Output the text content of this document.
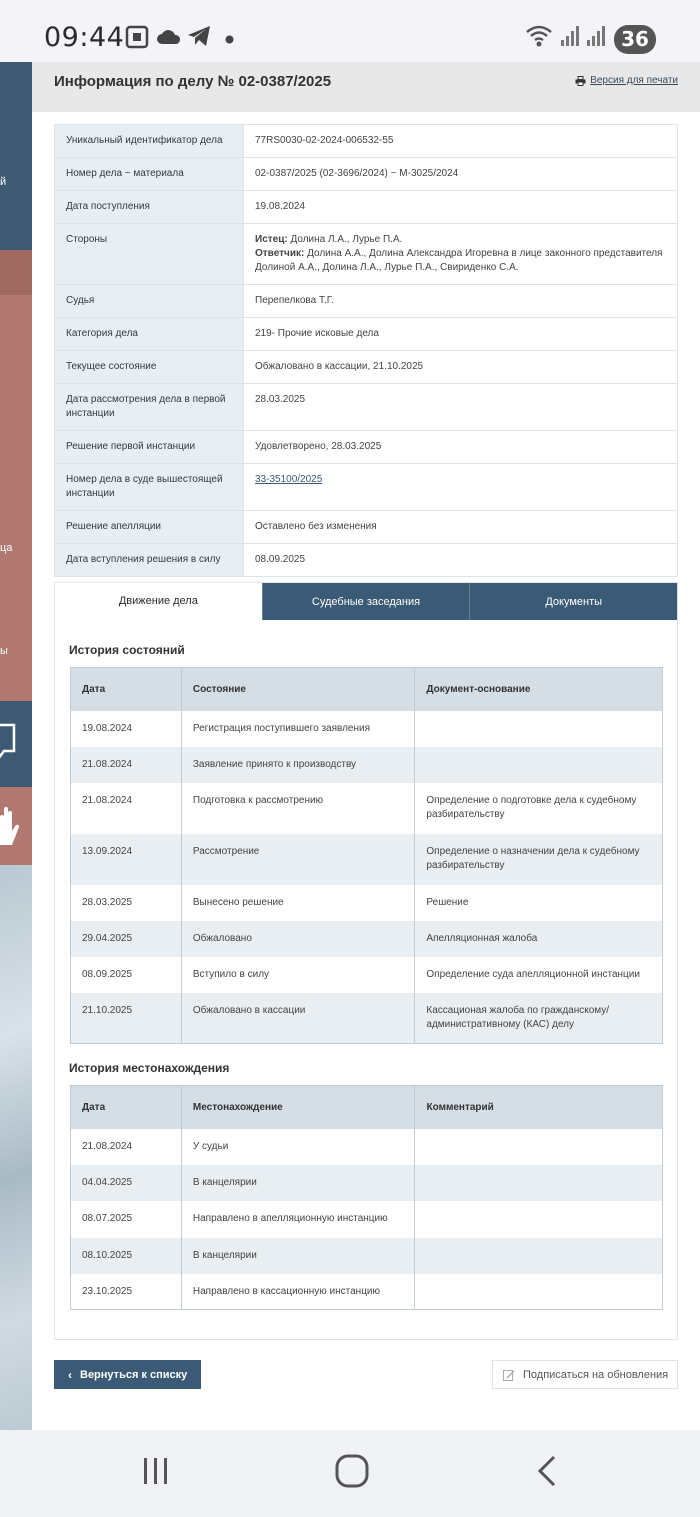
09:44	36
й
ца
ы
Информация по делу № 02-0387/2025	Версия для печати
Уникальный идентификатор дела	77RS0030-02-2024-006532-55
Номер дела ~ материала	02-0387/2025 (02-3696/2024) ~ М-3025/2024
Дата поступления	19.08.2024
Стороны	Истец: Долина Л.А., Лурье П.А.
Ответчик: Долина А.А., Долина Александра Игоревна в лице законного представителя Долиной А.А., Долина Л.А., Лурье П.А., Свириденко С.А.
Судья	Перепелкова Т.Г.
Категория дела	219- Прочие исковые дела
Текущее состояние	Обжаловано в кассации, 21.10.2025
Дата рассмотрения дела в первой инстанции	28.03.2025
Решение первой инстанции	Удовлетворено, 28.03.2025
Номер дела в суде вышестоящей инстанции	33-35100/2025
Решение апелляции	Оставлено без изменения
Дата вступления решения в силу	08.09.2025
Движение дела	Судебные заседания	Документы
История состояний
Дата	Состояние	Документ-основание
19.08.2024	Регистрация поступившего заявления	
21.08.2024	Заявление принято к производству	
21.08.2024	Подготовка к рассмотрению	Определение о подготовке дела к судебному разбирательству
13.09.2024	Рассмотрение	Определение о назначении дела к судебному разбирательству
28.03.2025	Вынесено решение	Решение
29.04.2025	Обжаловано	Апелляционная жалоба
08.09.2025	Вступило в силу	Определение суда апелляционной инстанции
21.10.2025	Обжаловано в кассации	Кассационая жалоба по гражданскому/ административному (КАС) делу
История местонахождения
Дата	Местонахождение	Комментарий
21.08.2024	У судьи	
04.04.2025	В канцелярии	
08.07.2025	Направлено в апелляционную инстанцию	
08.10.2025	В канцелярии	
23.10.2025	Направлено в кассационную инстанцию	
‹ Вернуться к списку	Подписаться на обновления
